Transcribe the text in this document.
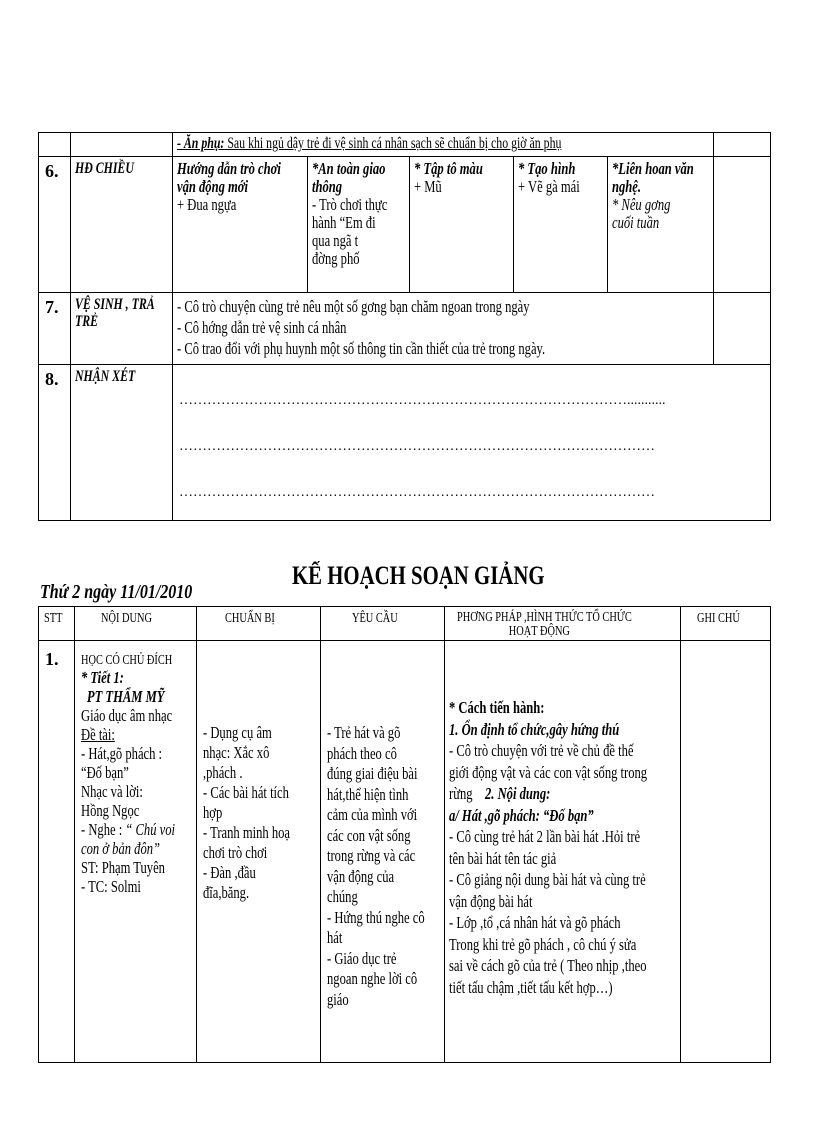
		- Ăn phụ: Sau khi ngủ dậy trẻ đi vệ sinh cá nhân sạch sẽ chuẩn bị cho giờ ăn phụ					

6.	HĐ CHIỀU	Hướng dẫn trò chơi vận động mới + Đua ngựa	*An toàn giao thông - Trò chơi thực hành “Em đi qua ngã t đờng phố	* Tập tô màu + Mũ	* Tạo hình + Vẽ gà mái	*Liên hoan văn nghệ. * Nêu gơng cuối tuần	

7.	VỆ SINH , TRẢ TRẺ	- Cô trò chuyện cùng trẻ nêu một số gơng bạn chăm ngoan trong ngày - Cô hớng dẫn trẻ vệ sinh cá nhân - Cô trao đổi với phụ huynh một số thông tin cần thiết của trẻ trong ngày.					

8.	NHẬN XÉT	……………………………………………………………………………………...........
…………………………………………………………………………………………
…………………………………………………………………………………………					
KẾ HOẠCH SOẠN GIẢNG
Thứ 2 ngày 11/01/2010
STT	NỘI DUNG	CHUẨN BỊ	YÊU CẦU	PHƠNG PHÁP ,HÌNH THỨC TỔ CHỨC HOẠT ĐỘNG	GHI CHÚ

1.	HỌC CÓ CHỦ ĐÍCH * Tiết 1: PT THẨM MỸ Giáo dục âm nhạc Đề tài: - Hát,gõ phách : “Đố bạn” Nhạc và lời: Hồng Ngọc - Nghe : “ Chú voi con ở bản đôn” ST: Phạm Tuyên - TC: Solmi	- Dụng cụ âm nhạc: Xắc xô ,phách . - Các bài hát tích hợp - Tranh minh hoạ chơi trò chơi - Đàn ,đầu đĩa,băng.	- Trẻ hát và gõ phách theo cô đúng giai điệu bài hát,thể hiện tình cảm của mình với các con vật sống trong rừng và các vận động của chúng - Hứng thú nghe cô hát - Giáo dục trẻ ngoan nghe lời cô giáo	* Cách tiến hành: 1. Ổn định tổ chức,gây hứng thú - Cô trò chuyện với trẻ về chủ đề thế giới động vật và các con vật sống trong rừng 2. Nội dung: a/ Hát ,gõ phách: “Đố bạn” - Cô cùng trẻ hát 2 lần bài hát .Hỏi trẻ tên bài hát tên tác giả - Cô giảng nội dung bài hát và cùng trẻ vận động bài hát - Lớp ,tổ ,cá nhân hát và gõ phách Trong khi trẻ gõ phách , cô chú ý sửa sai về cách gõ của trẻ ( Theo nhịp ,theo tiết tấu chậm ,tiết tấu kết hợp…)	
